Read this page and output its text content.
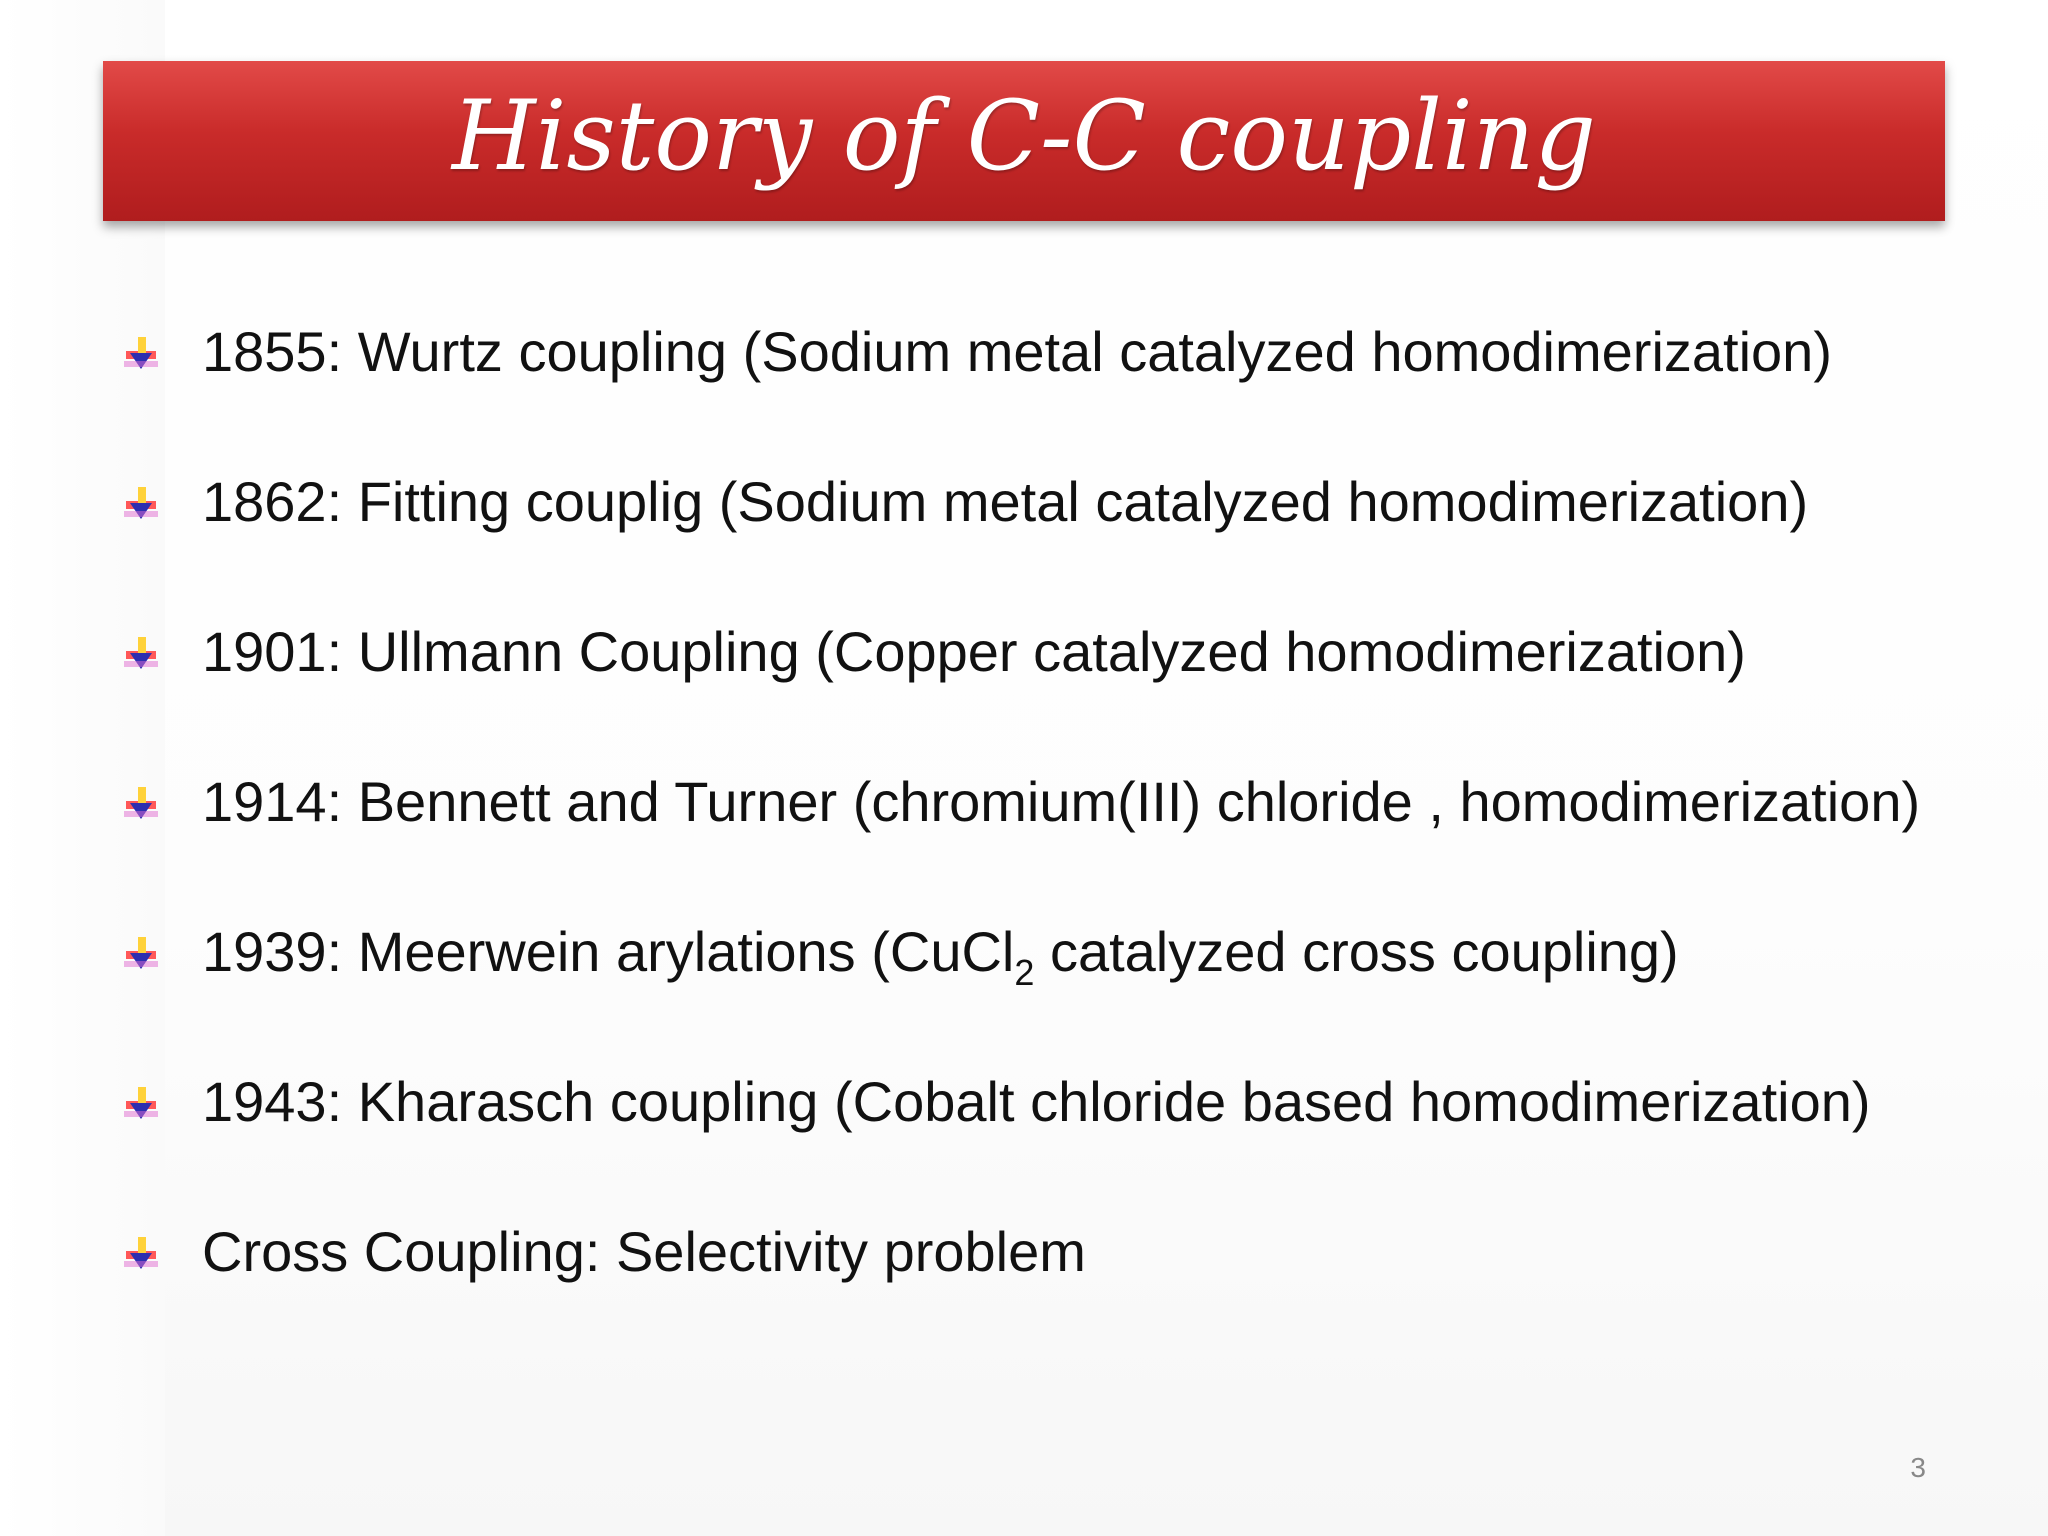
History of C-C coupling
1855: Wurtz coupling (Sodium metal catalyzed homodimerization)
1862: Fitting couplig (Sodium metal catalyzed homodimerization)
1901: Ullmann Coupling (Copper catalyzed homodimerization)
1914: Bennett and Turner (chromium(III) chloride , homodimerization)
1939: Meerwein arylations (CuCl$_2$ catalyzed cross coupling)
1943: Kharasch coupling (Cobalt chloride based homodimerization)
Cross Coupling: Selectivity problem
3
